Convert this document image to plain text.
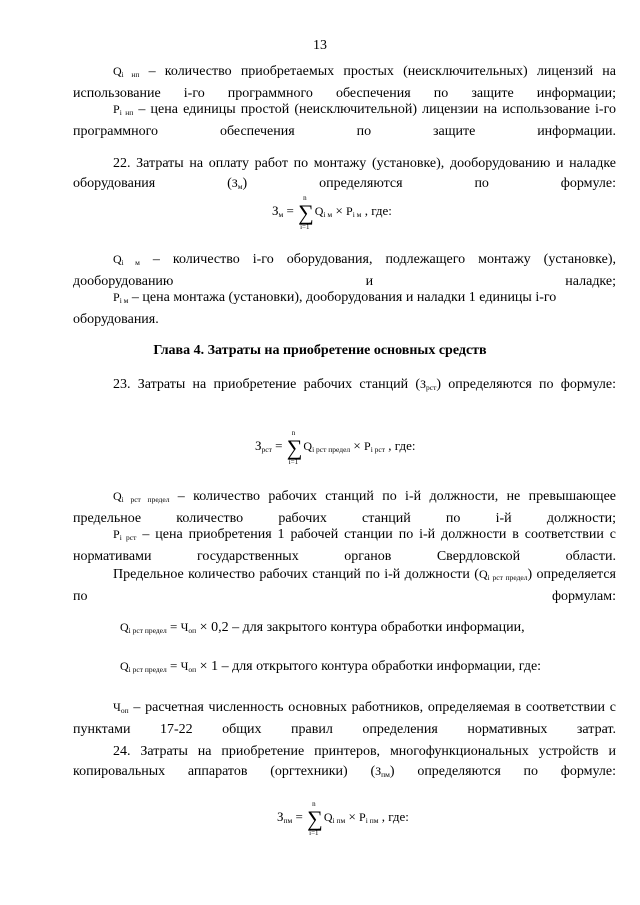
13

$Q_{i нп}$ – количество приобретаемых простых (неисключительных) лицензий на использование i-го программного обеспечения по защите информации;

$P_{i нп}$ – цена единицы простой (неисключительной) лицензии на использование i-го программного обеспечения по защите информации.

22. Затраты на оплату работ по монтажу (установке), дооборудованию и наладке оборудования $(З_м)$ определяются по формуле:

$З_м$ = ∑
n
i=1
$Q_{i м} \times P_{i м}$ , где:

$Q_{i м}$ – количество i-го оборудования, подлежащего монтажу (установке), дооборудованию и наладке;

$P_{i м}$ – цена монтажа (установки), дооборудования и наладки 1 единицы i-го оборудования.

Глава 4. Затраты на приобретение основных средств

23. Затраты на приобретение рабочих станций $(З_{рст})$ определяются по формуле:

$З_{рст}$ = ∑
n
i=1
$Q_{i рст предел} \times P_{i рст}$ , где:

$Q_{i рст предел}$ – количество рабочих станций по i-й должности, не превышающее предельное количество рабочих станций по i-й должности;

$P_{i рст}$ – цена приобретения 1 рабочей станции по i-й должности в соответствии с нормативами государственных органов Свердловской области.

Предельное количество рабочих станций по i-й должности $(Q_{i рст предел})$ определяется по формулам:

$Q_{i рст предел} = Ч_{оп} \times 0,2$ – для закрытого контура обработки информации,
$Q_{i рст предел} = Ч_{оп} \times 1$ – для открытого контура обработки информации, где:

$Ч_{оп}$ – расчетная численность основных работников, определяемая в соответствии с пунктами 17-22 общих правил определения нормативных затрат.

24. Затраты на приобретение принтеров, многофункциональных устройств и копировальных аппаратов (оргтехники) $(З_{пм})$ определяются по формуле:

$З_{пм}$ = ∑
n
i=1
$Q_{i пм} \times P_{i пм}$ , где:
